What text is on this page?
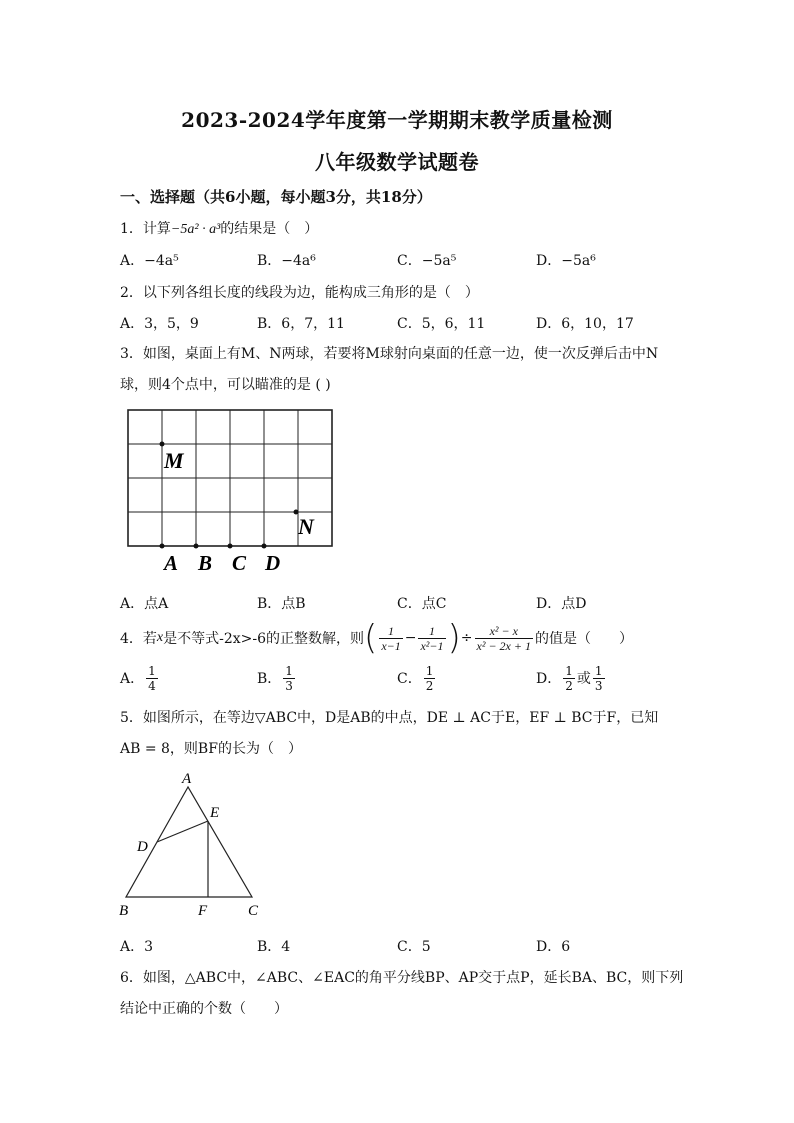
2023-2024学年度第一学期期末教学质量检测
八年级数学试题卷
一、选择题（共6小题，每小题3分，共18分）
1．计算−5a² · a³的结果是（　）
A．−4a⁵	B．−4a⁶	C．−5a⁵	D．−5a⁶
2．以下列各组长度的线段为边，能构成三角形的是（　）
A．3，5，9	B．6，7，11	C．5，6，11	D．6，10，17
3．如图，桌面上有M、N两球，若要将M球射向桌面的任意一边，使一次反弹后击中N
球，则4个点中，可以瞄准的是 ( )
M
N
A B C D
A．点A	B．点B	C．点C	D．点D
4．若 x 是不等式-2x>-6的正整数解，则 ( $\frac{1}{x-1} - \frac{1}{\text{x²−1}}$ ) ÷ $\frac{\text{x² − x}}{\text{x² − 2x + 1}}$ 的值是（　　）
A． $\frac{1}{4}$	B． $\frac{1}{3}$	C． $\frac{1}{2}$	D． $\frac{1}{2}$ 或 $\frac{1}{3}$
5．如图所示，在等边▽ABC中，D是AB的中点，DE ⊥ AC于E，EF ⊥ BC于F，已知
AB = 8，则BF的长为（　）
A
B	C
D
E
F
A．3	B．4	C．5	D．6
6．如图，△ABC中，∠ABC、∠EAC的角平分线BP、AP交于点P，延长BA、BC，则下列
结论中正确的个数（　　）
